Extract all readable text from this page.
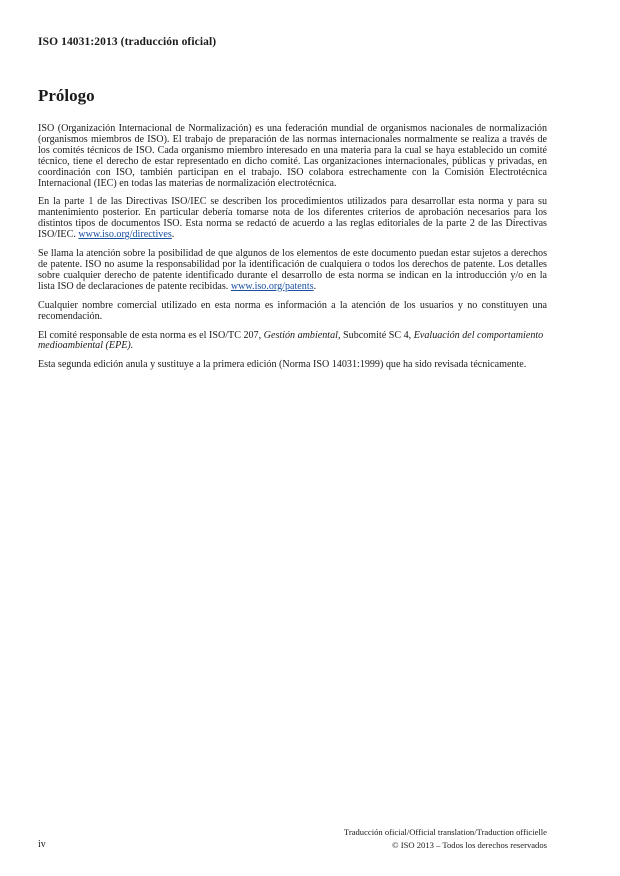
ISO 14031:2013 (traducción oficial)
Prólogo

ISO (Organización Internacional de Normalización) es una federación mundial de organismos nacionales de normalización (organismos miembros de ISO). El trabajo de preparación de las normas internacionales normalmente se realiza a través de los comités técnicos de ISO. Cada organismo miembro interesado en una materia para la cual se haya establecido un comité técnico, tiene el derecho de estar representado en dicho comité. Las organizaciones internacionales, públicas y privadas, en coordinación con ISO, también participan en el trabajo. ISO colabora estrechamente con la Comisión Electrotécnica Internacional (IEC) en todas las materias de normalización electrotécnica.

En la parte 1 de las Directivas ISO/IEC se describen los procedimientos utilizados para desarrollar esta norma y para su mantenimiento posterior. En particular debería tomarse nota de los diferentes criterios de aprobación necesarios para los distintos tipos de documentos ISO. Esta norma se redactó de acuerdo a las reglas editoriales de la parte 2 de las Directivas ISO/IEC. www.iso.org/directives.

Se llama la atención sobre la posibilidad de que algunos de los elementos de este documento puedan estar sujetos a derechos de patente. ISO no asume la responsabilidad por la identificación de cualquiera o todos los derechos de patente. Los detalles sobre cualquier derecho de patente identificado durante el desarrollo de esta norma se indican en la introducción y/o en la lista ISO de declaraciones de patente recibidas. www.iso.org/patents.

Cualquier nombre comercial utilizado en esta norma es información a la atención de los usuarios y no constituyen una recomendación.

El comité responsable de esta norma es el ISO/TC 207, Gestión ambiental, Subcomité SC 4, Evaluación del comportamiento medioambiental (EPE).

Esta segunda edición anula y sustituye a la primera edición (Norma ISO 14031:1999) que ha sido revisada técnicamente.

iv
Traducción oficial/Official translation/Traduction officielle
© ISO 2013 – Todos los derechos reservados
